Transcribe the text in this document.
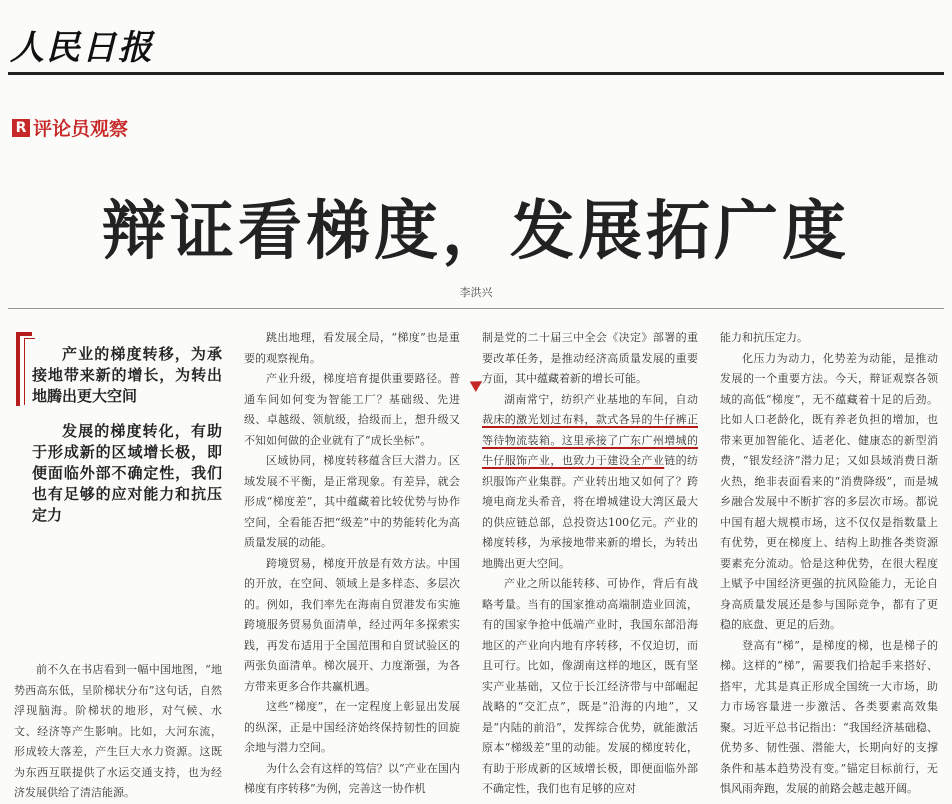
人民日报
R 评论员观察
辩证看梯度，发展拓广度
李洪兴

产业的梯度转移，为承接地带来新的增长，为转出地腾出更大空间

发展的梯度转化，有助于形成新的区域增长极，即便面临外部不确定性，我们也有足够的应对能力和抗压定力

前不久在书店看到一幅中国地图，“地势西高东低，呈阶梯状分布”这句话，自然浮现脑海。阶梯状的地形，对气候、水文、经济等产生影响。比如，大河东流，形成较大落差，产生巨大水力资源。这既为东西互联提供了水运交通支持，也为经济发展供给了清洁能源。

跳出地理，看发展全局，“梯度”也是重要的观察视角。

产业升级，梯度培育提供重要路径。普通车间如何变为智能工厂？基础级、先进级、卓越级、领航级，拾级而上，想升级又不知如何做的企业就有了“成长坐标”。

区域协同，梯度转移蕴含巨大潜力。区域发展不平衡，是正常现象。有差异，就会形成“梯度差”，其中蕴藏着比较优势与协作空间，全看能否把“级差”中的势能转化为高质量发展的动能。

跨境贸易，梯度开放是有效方法。中国的开放，在空间、领域上是多样态、多层次的。例如，我们率先在海南自贸港发布实施跨境服务贸易负面清单，经过两年多探索实践，再发布适用于全国范围和自贸试验区的两张负面清单。梯次展开、力度渐强，为各方带来更多合作共赢机遇。

这些“梯度”，在一定程度上彰显出发展的纵深，正是中国经济始终保持韧性的回旋余地与潜力空间。

为什么会有这样的笃信？以“产业在国内梯度有序转移”为例，完善这一协作机

制是党的二十届三中全会《决定》部署的重要改革任务，是推动经济高质量发展的重要方面，其中蕴藏着新的增长可能。

湖南常宁，纺织产业基地的车间，自动裁床的激光划过布料，款式各异的牛仔裤正等待物流装箱。这里承接了广东广州增城的牛仔服饰产业，也致力于建设全产业链的纺织服饰产业集群。产业转出地又如何了？跨境电商龙头希音，将在增城建设大湾区最大的供应链总部，总投资达100亿元。产业的梯度转移，为承接地带来新的增长，为转出地腾出更大空间。

产业之所以能转移、可协作，背后有战略考量。当有的国家推动高端制造业回流，有的国家争抢中低端产业时，我国东部沿海地区的产业向内地有序转移，不仅迫切，而且可行。比如，像湖南这样的地区，既有坚实产业基础，又位于长江经济带与中部崛起战略的“交汇点”，既是“沿海的内地”，又是“内陆的前沿”，发挥综合优势，就能激活原本“梯级差”里的动能。发展的梯度转化，有助于形成新的区域增长极，即便面临外部不确定性，我们也有足够的应对

能力和抗压定力。

化压力为动力，化势差为动能，是推动发展的一个重要方法。今天，辩证观察各领域的高低“梯度”，无不蕴藏着十足的后劲。比如人口老龄化，既有养老负担的增加，也带来更加智能化、适老化、健康态的新型消费，“银发经济”潜力足；又如县域消费日渐火热，绝非表面看来的“消费降级”，而是城乡融合发展中不断扩容的多层次市场。都说中国有超大规模市场，这不仅仅是指数量上有优势，更在梯度上、结构上助推各类资源要素充分流动。恰是这种优势，在很大程度上赋予中国经济更强的抗风险能力，无论自身高质量发展还是参与国际竞争，都有了更稳的底盘、更足的后劲。

登高有“梯”，是梯度的梯，也是梯子的梯。这样的“梯”，需要我们拾起手来搭好、搭牢，尤其是真正形成全国统一大市场，助力市场容量进一步激活、各类要素高效集聚。习近平总书记指出：“我国经济基础稳、优势多、韧性强、潜能大，长期向好的支撑条件和基本趋势没有变。”锚定目标前行，无惧风雨奔跑，发展的前路会越走越开阔。
